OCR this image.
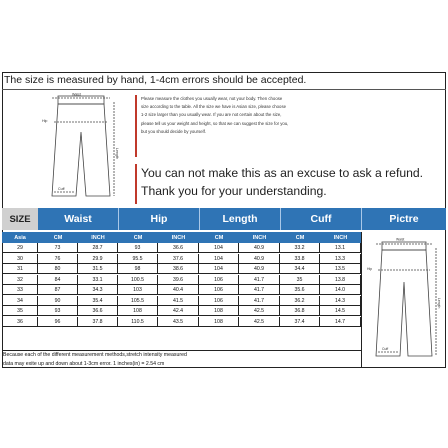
The size is measured by hand, 1-4cm errors should be accepted.
Waist
Hip
Length
Cuff
Please measure the clothes you usually wear, not your body. Then choose
size according to the table. All the size we have is Asian size, please choose
1-2 size larger than you usually wear. If you are not certain about the size,
please tell us your weight and height, so that we can suggest the size for you,
but you should decide by yourself.
You can not make this as an excuse to ask a refund.
Thank you for your understanding.
SIZE	Waist	Hip	Length	Cuff	Pictre
Asia	CM	INCH	CM	INCH	CM	INCH	CM	INCH
29	73	28.7	93	36.6	104	40.9	33.2	13.1
30	76	29.9	95.5	37.6	104	40.9	33.8	13.3
31	80	31.5	98	38.6	104	40.9	34.4	13.5
32	84	33.1	100.5	39.6	106	41.7	35	13.8
33	87	34.3	103	40.4	106	41.7	35.6	14.0
34	90	35.4	105.5	41.5	106	41.7	36.2	14.3
35	93	36.6	108	42.4	108	42.5	36.8	14.5
36	96	37.8	110.5	43.5	108	42.5	37.4	14.7
Because each of the different measurement methods,stretch intensity measured
data may exite up and down about 1-3cm error. 1 inches(in) = 2.54 cm
Waist
Hip
Length
Cuff
